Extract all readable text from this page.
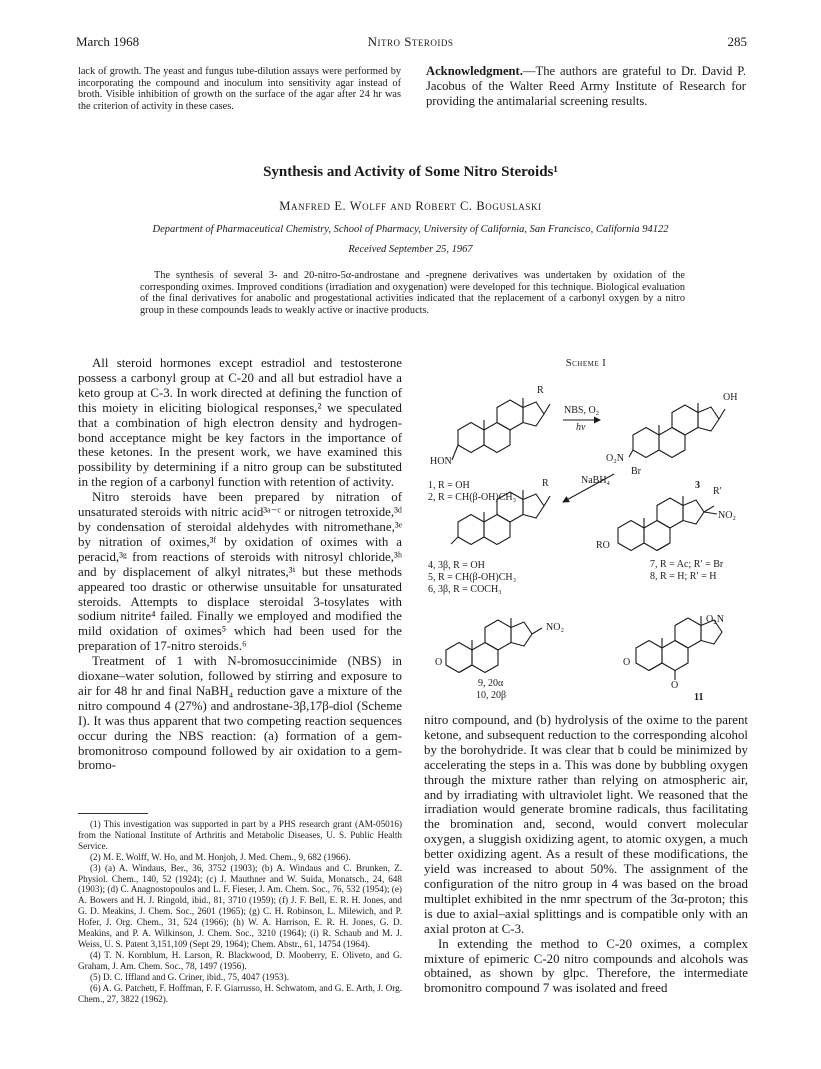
March 1968	Nitro Steroids	285
lack of growth. The yeast and fungus tube-dilution assays were performed by incorporating the compound and inoculum into sensitivity agar instead of broth. Visible inhibition of growth on the surface of the agar after 24 hr was the criterion of activity in these cases.
Acknowledgment.—The authors are grateful to Dr. David P. Jacobus of the Walter Reed Army Institute of Research for providing the antimalarial screening results.
Synthesis and Activity of Some Nitro Steroids¹
Manfred E. Wolff and Robert C. Boguslaski
Department of Pharmaceutical Chemistry, School of Pharmacy, University of California, San Francisco, California 94122
Received September 25, 1967

The synthesis of several 3- and 20-nitro-5α-androstane and -pregnene derivatives was undertaken by oxidation of the corresponding oximes. Improved conditions (irradiation and oxygenation) were developed for this technique. Biological evaluation of the final derivatives for anabolic and progestational activities indicated that the replacement of a carbonyl oxygen by a nitro group in these compounds leads to weakly active or inactive products.

All steroid hormones except estradiol and testosterone possess a carbonyl group at C-20 and all but estradiol have a keto group at C-3. In work directed at defining the function of this moiety in eliciting biological responses,² we speculated that a combination of high electron density and hydrogen-bond acceptance might be key factors in the importance of these ketones. In the present work, we have examined this possibility by determining if a nitro group can be substituted in the region of a carbonyl function with retention of activity.

Nitro steroids have been prepared by nitration of unsaturated steroids with nitric acid³ᵃ⁻ᶜ or nitrogen tetroxide,³ᵈ by condensation of steroidal aldehydes with nitromethane,³ᵉ by nitration of oximes,³ᶠ by oxidation of oximes with a peracid,³ᵍ from reactions of steroids with nitrosyl chloride,³ʰ and by displacement of alkyl nitrates,³ⁱ but these methods appeared too drastic or otherwise unsuitable for unsaturated steroids. Attempts to displace steroidal 3-tosylates with sodium nitrite⁴ failed. Finally we employed and modified the mild oxidation of oximes⁵ which had been used for the preparation of 17-nitro steroids.⁶

Treatment of 1 with N-bromosuccinimide (NBS) in dioxane–water solution, followed by stirring and exposure to air for 48 hr and final NaBH₄ reduction gave a mixture of the nitro compound 4 (27%) and androstane-3β,17β-diol (Scheme I). It was thus apparent that two competing reaction sequences occur during the NBS reaction: (a) formation of a gem-bromonitroso compound followed by air oxidation to a gem-bromo-

(1) This investigation was supported in part by a PHS research grant (AM-05016) from the National Institute of Arthritis and Metabolic Diseases, U. S. Public Health Service.
(2) M. E. Wolff, W. Ho, and M. Honjoh, J. Med. Chem., 9, 682 (1966).
(3) (a) A. Windaus, Ber., 36, 3752 (1903); (b) A. Windaus and C. Brunken, Z. Physiol. Chem., 140, 52 (1924); (c) J. Mauthner and W. Suida, Monatsch., 24, 648 (1903); (d) C. Anagnostopoulos and L. F. Fieser, J. Am. Chem. Soc., 76, 532 (1954); (e) A. Bowers and H. J. Ringold, ibid., 81, 3710 (1959); (f) J. F. Bell, E. R. H. Jones, and G. D. Meakins, J. Chem. Soc., 2601 (1965); (g) C. H. Robinson, L. Milewich, and P. Hofer, J. Org. Chem., 31, 524 (1966); (h) W. A. Harrison, E. R. H. Jones, G. D. Meakins, and P. A. Wilkinson, J. Chem. Soc., 3210 (1964); (i) R. Schaub and M. J. Weiss, U. S. Patent 3,151,109 (Sept 29, 1964); Chem. Abstr., 61, 14754 (1964).
(4) T. N. Kornblum, H. Larson, R. Blackwood, D. Mooberry, E. Oliveto, and G. Graham, J. Am. Chem. Soc., 78, 1497 (1956).
(5) D. C. Iffland and G. Criner, ibid., 75, 4047 (1953).
(6) A. G. Patchett, F. Hoffman, F. F. Giarrusso, H. Schwatom, and G. E. Arth, J. Org. Chem., 27, 3822 (1962).

nitro compound, and (b) hydrolysis of the oxime to the parent ketone, and subsequent reduction to the corresponding alcohol by the borohydride. It was clear that b could be minimized by accelerating the steps in a. This was done by bubbling oxygen through the mixture rather than relying on atmospheric air, and by irradiating with ultraviolet light. We reasoned that the irradiation would generate bromine radicals, thus facilitating the bromination and, second, would convert molecular oxygen, a sluggish oxidizing agent, to atomic oxygen, a much better oxidizing agent. As a result of these modifications, the yield was increased to about 50%. The assignment of the configuration of the nitro group in 4 was based on the broad multiplet exhibited in the nmr spectrum of the 3α-proton; this is due to axial–axial splittings and is compatible only with an axial proton at C-3.

In extending the method to C-20 oximes, a complex mixture of epimeric C-20 nitro compounds and alcohols was obtained, as shown by glpc. Therefore, the intermediate bromonitro compound 7 was isolated and freed

Scheme I
R
HON
1, R = OH
2, R = CH(β-OH)CH₃
NBS, O₂
hν
OH
O₂N
Br
3
NaBH₄
R
4, 3β, R = OH
5, R = CH(β-OH)CH₃
6, 3β, R = COCH₃
R′
NO₂
RO
7, R = Ac; R′ = Br
8, R = H; R′ = H
NO₂
O
9, 20α
10, 20β
O₂N
O
O
11
